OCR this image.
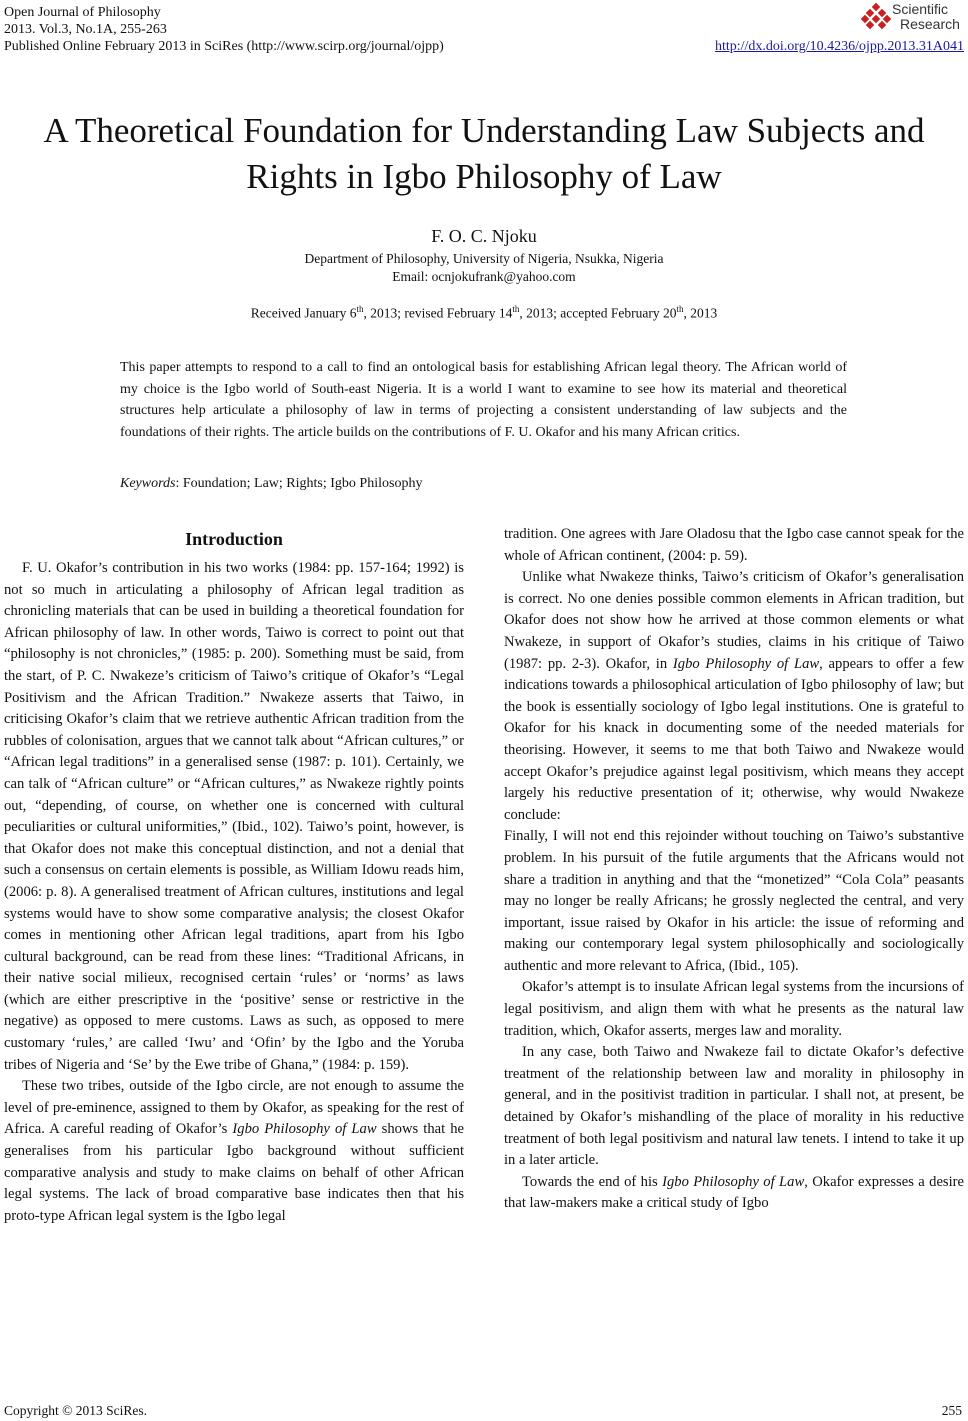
Open Journal of Philosophy
2013. Vol.3, No.1A, 255-263
Published Online February 2013 in SciRes (http://www.scirp.org/journal/ojpp)
Scientific
Research
http://dx.doi.org/10.4236/ojpp.2013.31A041
A Theoretical Foundation for Understanding Law Subjects and Rights in Igbo Philosophy of Law
F. O. C. Njoku
Department of Philosophy, University of Nigeria, Nsukka, Nigeria
Email: ocnjokufrank@yahoo.com
Received January 6th, 2013; revised February 14th, 2013; accepted February 20th, 2013
This paper attempts to respond to a call to find an ontological basis for establishing African legal theory. The African world of my choice is the Igbo world of South-east Nigeria. It is a world I want to examine to see how its material and theoretical structures help articulate a philosophy of law in terms of projecting a consistent understanding of law subjects and the foundations of their rights. The article builds on the contributions of F. U. Okafor and his many African critics.
Keywords: Foundation; Law; Rights; Igbo Philosophy
Introduction

F. U. Okafor’s contribution in his two works (1984: pp. 157-164; 1992) is not so much in articulating a philosophy of African legal tradition as chronicling materials that can be used in building a theoretical foundation for African philosophy of law. In other words, Taiwo is correct to point out that “philosophy is not chronicles,” (1985: p. 200). Something must be said, from the start, of P. C. Nwakeze’s criticism of Taiwo’s critique of Okafor’s “Legal Positivism and the African Tradition.” Nwakeze asserts that Taiwo, in criticising Okafor’s claim that we retrieve authentic African tradition from the rubbles of colonisation, argues that we cannot talk about “African cultures,” or “African legal traditions” in a generalised sense (1987: p. 101). Certainly, we can talk of “African culture” or “African cultures,” as Nwakeze rightly points out, “depending, of course, on whether one is concerned with cultural peculiarities or cultural uniformities,” (Ibid., 102). Taiwo’s point, however, is that Okafor does not make this conceptual distinction, and not a denial that such a consensus on certain elements is possible, as William Idowu reads him, (2006: p. 8). A generalised treatment of African cultures, institutions and legal systems would have to show some comparative analysis; the closest Okafor comes in mentioning other African legal traditions, apart from his Igbo cultural background, can be read from these lines: “Traditional Africans, in their native social milieux, recognised certain ‘rules’ or ‘norms’ as laws (which are either prescriptive in the ‘positive’ sense or restrictive in the negative) as opposed to mere customs. Laws as such, as opposed to mere customary ‘rules,’ are called ‘Iwu’ and ‘Ofin’ by the Igbo and the Yoruba tribes of Nigeria and ‘Se’ by the Ewe tribe of Ghana,” (1984: p. 159).

These two tribes, outside of the Igbo circle, are not enough to assume the level of pre-eminence, assigned to them by Okafor, as speaking for the rest of Africa. A careful reading of Okafor’s Igbo Philosophy of Law shows that he generalises from his particular Igbo background without sufficient comparative analysis and study to make claims on behalf of other African legal systems. The lack of broad comparative base indicates then that his proto-type African legal system is the Igbo legal

tradition. One agrees with Jare Oladosu that the Igbo case cannot speak for the whole of African continent, (2004: p. 59).

Unlike what Nwakeze thinks, Taiwo’s criticism of Okafor’s generalisation is correct. No one denies possible common elements in African tradition, but Okafor does not show how he arrived at those common elements or what Nwakeze, in support of Okafor’s studies, claims in his critique of Taiwo (1987: pp. 2-3). Okafor, in Igbo Philosophy of Law, appears to offer a few indications towards a philosophical articulation of Igbo philosophy of law; but the book is essentially sociology of Igbo legal institutions. One is grateful to Okafor for his knack in documenting some of the needed materials for theorising. However, it seems to me that both Taiwo and Nwakeze would accept Okafor’s prejudice against legal positivism, which means they accept largely his reductive presentation of it; otherwise, why would Nwakeze conclude:

Finally, I will not end this rejoinder without touching on Taiwo’s substantive problem. In his pursuit of the futile arguments that the Africans would not share a tradition in anything and that the “monetized” “Cola Cola” peasants may no longer be really Africans; he grossly neglected the central, and very important, issue raised by Okafor in his article: the issue of reforming and making our contemporary legal system philosophically and sociologically authentic and more relevant to Africa, (Ibid., 105).

Okafor’s attempt is to insulate African legal systems from the incursions of legal positivism, and align them with what he presents as the natural law tradition, which, Okafor asserts, merges law and morality.

In any case, both Taiwo and Nwakeze fail to dictate Okafor’s defective treatment of the relationship between law and morality in philosophy in general, and in the positivist tradition in particular. I shall not, at present, be detained by Okafor’s mishandling of the place of morality in his reductive treatment of both legal positivism and natural law tenets. I intend to take it up in a later article.

Towards the end of his Igbo Philosophy of Law, Okafor expresses a desire that law-makers make a critical study of Igbo

Copyright © 2013 SciRes.	255
